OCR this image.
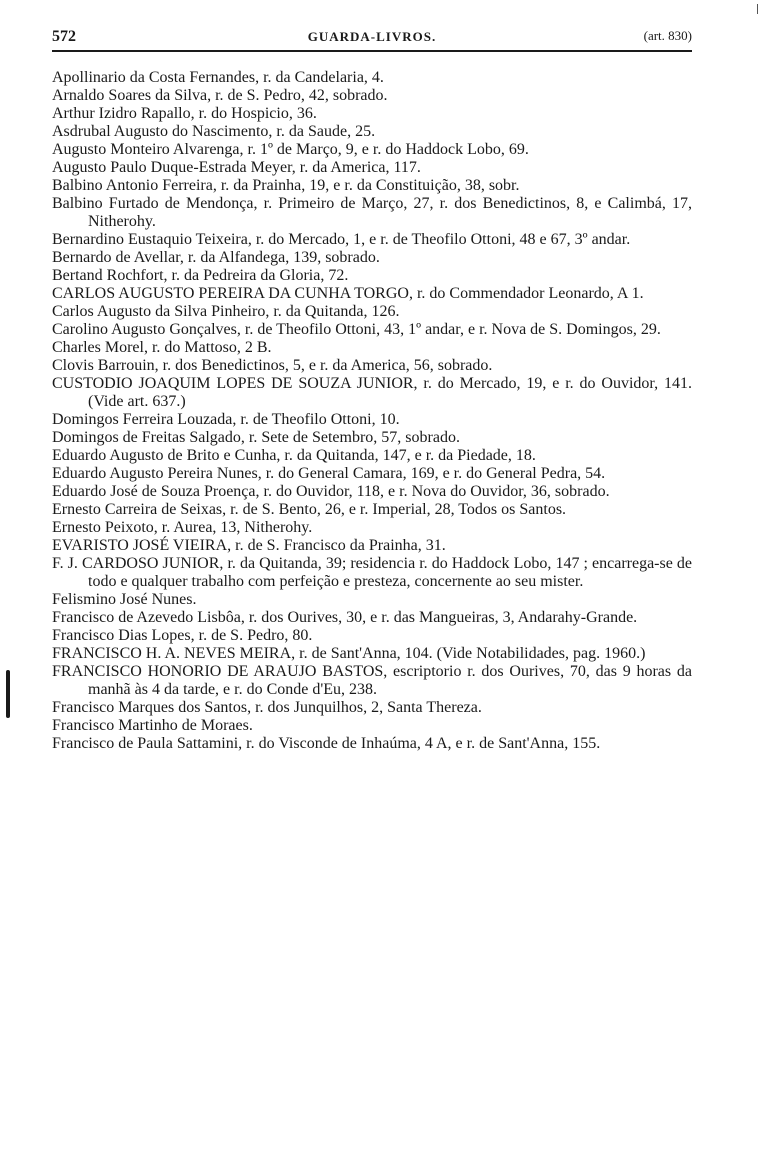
572	GUARDA-LIVROS.	(art. 830)

Apollinario da Costa Fernandes, r. da Candelaria, 4.

Arnaldo Soares da Silva, r. de S. Pedro, 42, sobrado.

Arthur Izidro Rapallo, r. do Hospicio, 36.

Asdrubal Augusto do Nascimento, r. da Saude, 25.

Augusto Monteiro Alvarenga, r. 1º de Março, 9, e r. do Haddock Lobo, 69.

Augusto Paulo Duque-Estrada Meyer, r. da America, 117.

Balbino Antonio Ferreira, r. da Prainha, 19, e r. da Constituição, 38, sobr.

Balbino Furtado de Mendonça, r. Primeiro de Março, 27, r. dos Benedictinos, 8, e Calimbá, 17, Nitherohy.

Bernardino Eustaquio Teixeira, r. do Mercado, 1, e r. de Theofilo Ottoni, 48 e 67, 3º andar.

Bernardo de Avellar, r. da Alfandega, 139, sobrado.

Bertand Rochfort, r. da Pedreira da Gloria, 72.

CARLOS AUGUSTO PEREIRA DA CUNHA TORGO, r. do Commendador Leonardo, A 1.

Carlos Augusto da Silva Pinheiro, r. da Quitanda, 126.

Carolino Augusto Gonçalves, r. de Theofilo Ottoni, 43, 1º andar, e r. Nova de S. Domingos, 29.

Charles Morel, r. do Mattoso, 2 B.

Clovis Barrouin, r. dos Benedictinos, 5, e r. da America, 56, sobrado.

CUSTODIO JOAQUIM LOPES DE SOUZA JUNIOR, r. do Mercado, 19, e r. do Ouvidor, 141. (Vide art. 637.)

Domingos Ferreira Louzada, r. de Theofilo Ottoni, 10.

Domingos de Freitas Salgado, r. Sete de Setembro, 57, sobrado.

Eduardo Augusto de Brito e Cunha, r. da Quitanda, 147, e r. da Piedade, 18.

Eduardo Augusto Pereira Nunes, r. do General Camara, 169, e r. do General Pedra, 54.

Eduardo José de Souza Proença, r. do Ouvidor, 118, e r. Nova do Ouvidor, 36, sobrado.

Ernesto Carreira de Seixas, r. de S. Bento, 26, e r. Imperial, 28, Todos os Santos.

Ernesto Peixoto, r. Aurea, 13, Nitherohy.

EVARISTO JOSÉ VIEIRA, r. de S. Francisco da Prainha, 31.

F. J. CARDOSO JUNIOR, r. da Quitanda, 39; residencia r. do Haddock Lobo, 147 ; encarrega-se de todo e qualquer trabalho com perfeição e presteza, concernente ao seu mister.

Felismino José Nunes.

Francisco de Azevedo Lisbôa, r. dos Ourives, 30, e r. das Mangueiras, 3, Andarahy-Grande.

Francisco Dias Lopes, r. de S. Pedro, 80.

FRANCISCO H. A. NEVES MEIRA, r. de Sant'Anna, 104. (Vide Notabilidades, pag. 1960.)

FRANCISCO HONORIO DE ARAUJO BASTOS, escriptorio r. dos Ourives, 70, das 9 horas da manhã às 4 da tarde, e r. do Conde d'Eu, 238.

Francisco Marques dos Santos, r. dos Junquilhos, 2, Santa Thereza.

Francisco Martinho de Moraes.

Francisco de Paula Sattamini, r. do Visconde de Inhaúma, 4 A, e r. de Sant'Anna, 155.
